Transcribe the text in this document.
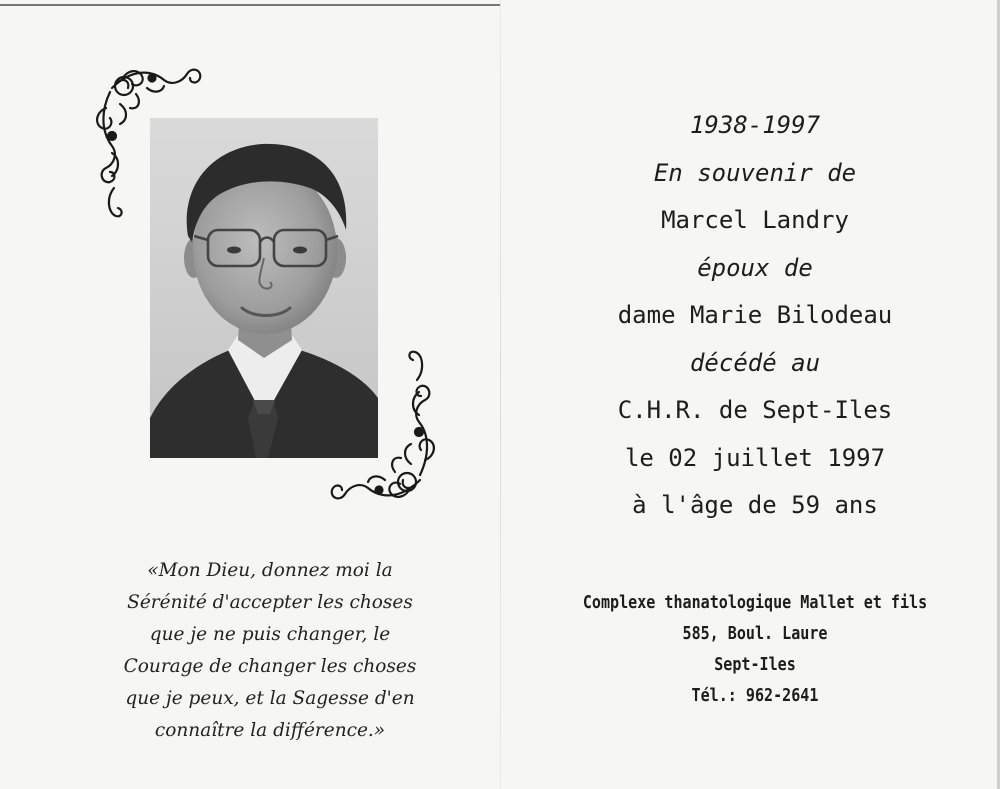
«Mon Dieu, donnez moi la
Sérénité d'accepter les choses
que je ne puis changer, le
Courage de changer les choses
que je peux, et la Sagesse d'en
connaître la différence.»
1938-1997
En souvenir de
Marcel Landry
époux de
dame Marie Bilodeau
décédé au
C.H.R. de Sept-Iles
le 02 juillet 1997
à l'âge de 59 ans
Complexe thanatologique Mallet et fils
585, Boul. Laure
Sept-Iles
Tél.: 962-2641
